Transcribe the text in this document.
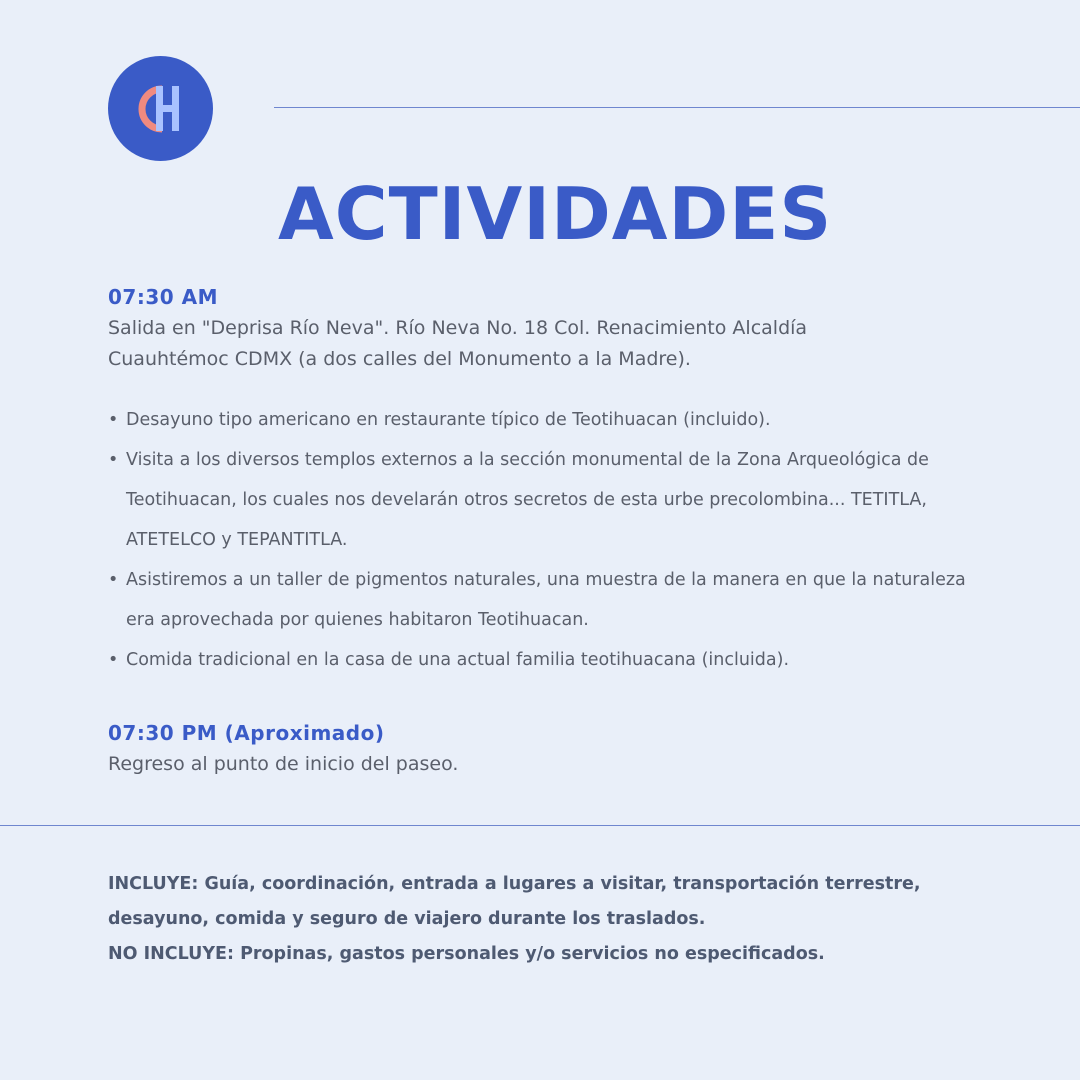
ACTIVIDADES
07:30 AM
Salida en "Deprisa Río Neva". Río Neva No. 18 Col. Renacimiento Alcaldía Cuauhtémoc CDMX (a dos calles del Monumento a la Madre).
• Desayuno tipo americano en restaurante típico de Teotihuacan (incluido).
• Visita a los diversos templos externos a la sección monumental de la Zona Arqueológica de Teotihuacan, los cuales nos develarán otros secretos de esta urbe precolombina... TETITLA, ATETELCO y TEPANTITLA.
• Asistiremos a un taller de pigmentos naturales, una muestra de la manera en que la naturaleza era aprovechada por quienes habitaron Teotihuacan.
• Comida tradicional en la casa de una actual familia teotihuacana (incluida).
07:30 PM (Aproximado)
Regreso al punto de inicio del paseo.

INCLUYE: Guía, coordinación, entrada a lugares a visitar, transportación terrestre, desayuno, comida y seguro de viajero durante los traslados.

NO INCLUYE: Propinas, gastos personales y/o servicios no especificados.
